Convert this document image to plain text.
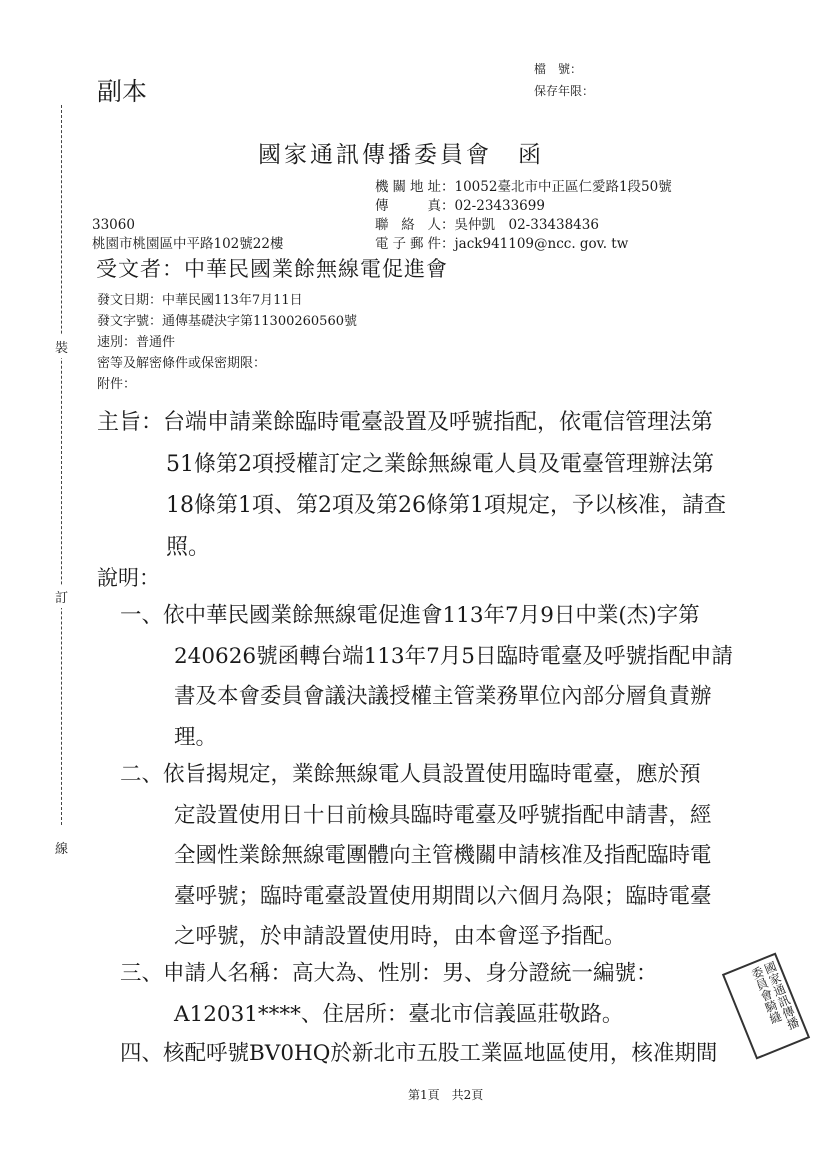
裝
訂
線
副本
檔　號：
保存年限：
國家通訊傳播委員會　函
機關地址：10052臺北市中正區仁愛路1段50號
傳　　真：02-23433699
聯 絡 人：吳仲凱　02-33438436
電子郵件：jack941109@ncc. gov. tw
33060
桃園市桃園區中平路102號22樓
受文者：中華民國業餘無線電促進會
發文日期：中華民國113年7月11日
發文字號：通傳基礎決字第11300260560號
速別：普通件
密等及解密條件或保密期限：
附件：
主旨：台端申請業餘臨時電臺設置及呼號指配，依電信管理法第
51條第2項授權訂定之業餘無線電人員及電臺管理辦法第
18條第1項、第2項及第26條第1項規定，予以核准，請查
照。
說明：
一、依中華民國業餘無線電促進會113年7月9日中業(杰)字第
240626號函轉台端113年7月5日臨時電臺及呼號指配申請
書及本會委員會議決議授權主管業務單位內部分層負責辦
理。
二、依旨揭規定，業餘無線電人員設置使用臨時電臺，應於預
定設置使用日十日前檢具臨時電臺及呼號指配申請書，經
全國性業餘無線電團體向主管機關申請核准及指配臨時電
臺呼號；臨時電臺設置使用期間以六個月為限；臨時電臺
之呼號，於申請設置使用時，由本會逕予指配。
三、申請人名稱：高大為、性別：男、身分證統一編號：
A12031****、住居所：臺北市信義區莊敬路。
四、核配呼號BV0HQ於新北市五股工業區地區使用，核准期間
國家通訊傳播委員會騎縫
第1頁　共2頁
